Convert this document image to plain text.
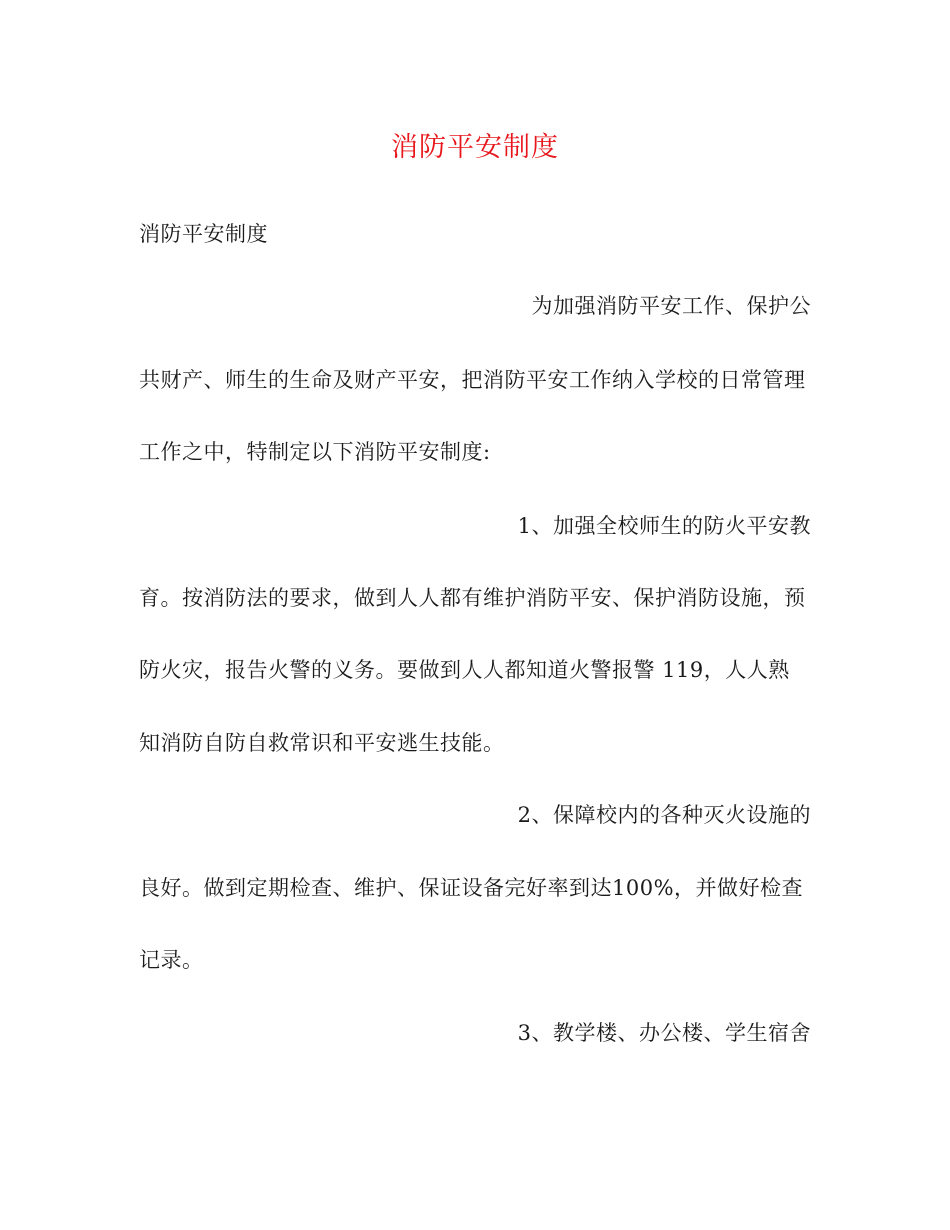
消防平安制度
消防平安制度
为加强消防平安工作、保护公
共财产、师生的生命及财产平安，把消防平安工作纳入学校的日常管理
工作之中，特制定以下消防平安制度:
1、加强全校师生的防火平安教
育。按消防法的要求，做到人人都有维护消防平安、保护消防设施，预
防火灾，报告火警的义务。要做到人人都知道火警报警 119，人人熟
知消防自防自救常识和平安逃生技能。
2、保障校内的各种灭火设施的
良好。做到定期检查、维护、保证设备完好率到达100%，并做好检查
记录。
3、教学楼、办公楼、学生宿舍
